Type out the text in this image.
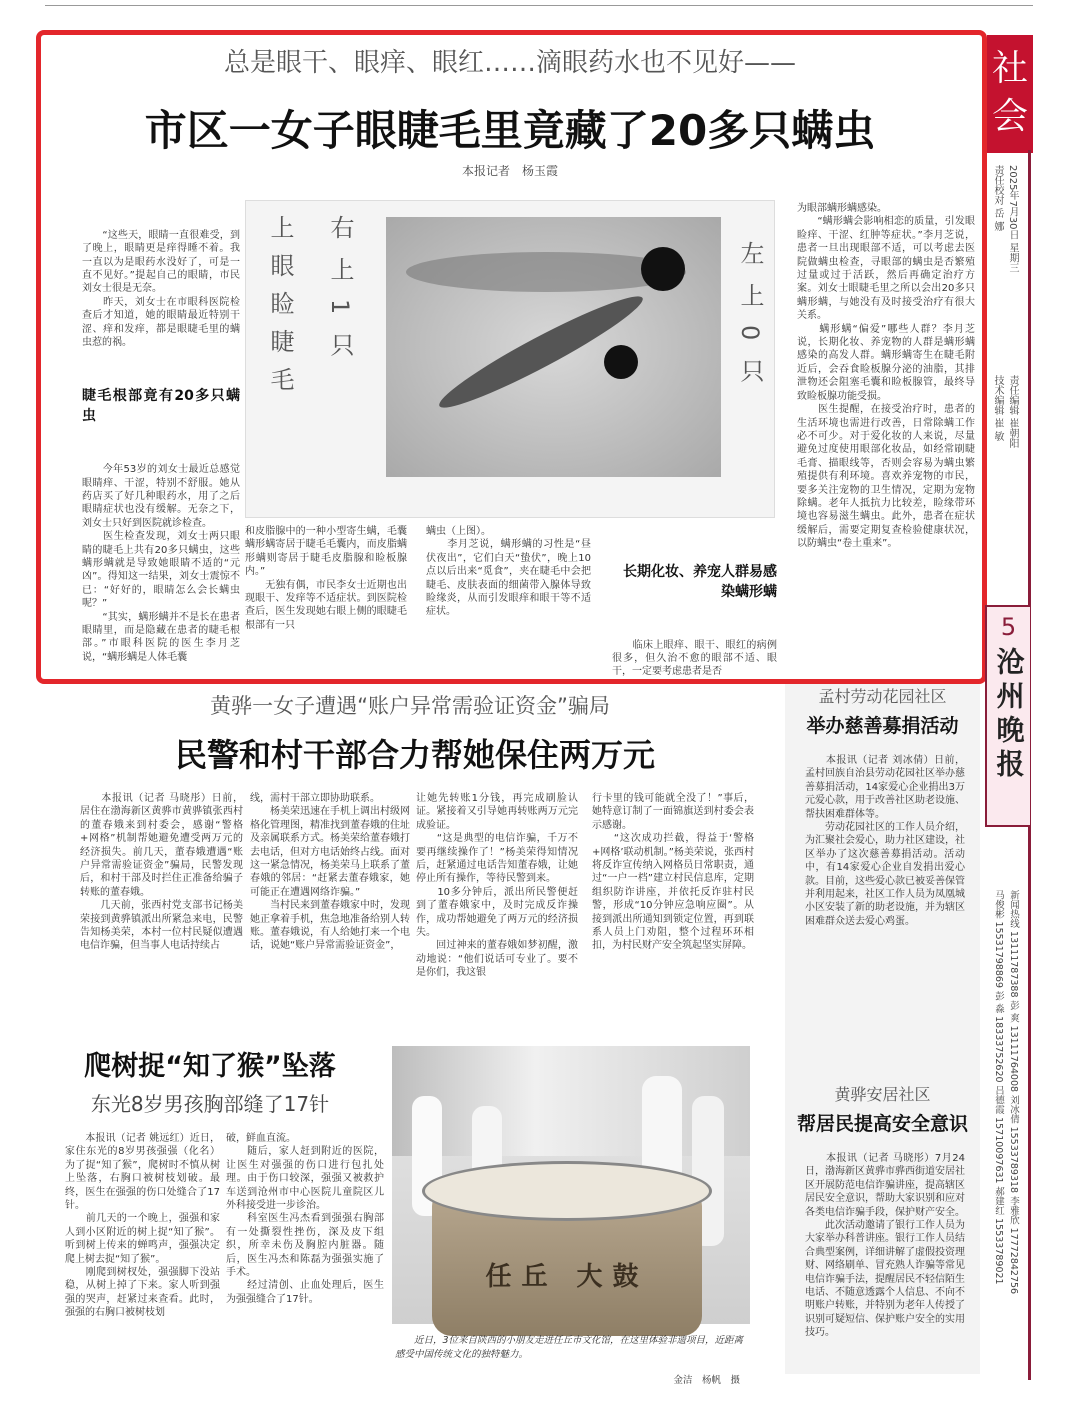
总是眼干、眼痒、眼红……滴眼药水也不见好——
市区一女子眼睫毛里竟藏了20多只螨虫
本报记者　杨玉霞

　　“这些天，眼睛一直很难受，到了晚上，眼睛更是痒得睡不着。我一直以为是眼药水没好了，可是一直不见好。”提起自己的眼睛，市民刘女士很是无奈。
　　昨天，刘女士在市眼科医院检查后才知道，她的眼睛最近特别干涩、痒和发痒，都是眼睫毛里的螨虫惹的祸。

睫毛根部竟有20多只螨虫

　　今年53岁的刘女士最近总感觉眼睛痒、干涩，特别不舒服。她从药店买了好几种眼药水，用了之后眼睛症状也没有缓解。无奈之下，刘女士只好到医院就诊检查。
　　医生检查发现，刘女士两只眼睛的睫毛上共有20多只螨虫，这些螨形螨就是导致她眼睛不适的“元凶”。得知这一结果，刘女士震惊不已：“好好的，眼睛怎么会长螨虫呢？”
　　“其实，螨形螨并不是长在患者眼睛里，而是隐藏在患者的睫毛根部。”市眼科医院的医生李月芝说，“螨形螨是人体毛囊

上眼睑睫毛 右上1只	左上0只
和皮脂腺中的一种小型寄生螨，毛囊螨形螨寄居于睫毛毛囊内，而皮脂螨形螨则寄居于睫毛皮脂腺和睑板腺内。”
　　无独有偶，市民李女士近期也出现眼干、发痒等不适症状。到医院检查后，医生发现她右眼上侧的眼睫毛根部有一只
螨虫（上图）。
　　李月芝说，螨形螨的习性是“昼伏夜出”，它们白天“蛰伏”，晚上10点以后出来“觅食”，夹在睫毛中会把睫毛、皮肤表面的细菌带入腺体导致睑缘炎，从而引发眼痒和眼干等不适症状。

长期化妆、养宠人群易感染螨形螨

　　临床上眼痒、眼干、眼红的病例很多，但久治不愈的眼部不适、眼干，一定要考虑患者是否

为眼部螨形螨感染。
　　“螨形螨会影响相恋的质量，引发眼睑痒、干涩、红肿等症状。”李月芝说，患者一旦出现眼部不适，可以考虑去医院做螨虫检查，寻眼部的螨虫是否繁殖过量或过于活跃，然后再确定治疗方案。刘女士眼睫毛里之所以会出20多只螨形螨，与她没有及时接受治疗有很大关系。
　　螨形螨“偏爱”哪些人群？李月芝说，长期化妆、养宠物的人群是螨形螨感染的高发人群。螨形螨寄生在睫毛附近后，会吞食睑板腺分泌的油脂，其排泄物还会阻塞毛囊和睑板腺管，最终导致睑板腺功能受损。
　　医生提醒，在接受治疗时，患者的生活环境也需进行改善，日常除螨工作必不可少。对于爱化妆的人来说，尽量避免过度使用眼部化妆品，如经常刷睫毛膏、描眼线等，否则会容易为螨虫繁殖提供有利环境。喜欢养宠物的市民，要多关注宠物的卫生情况，定期为宠物除螨。老年人抵抗力比较差，睑缘带环境也容易滋生螨虫。此外，患者在症状缓解后，需要定期复查检验健康状况，以防螨虫“卷土重来”。
社会
2025年7月30日 星期三
责任校对 岳 娜
责任编辑 崔朝阳
技术编辑 崔 敏
5
沧州晚报
新闻热线 13111787388 彭 爽 13111764008 刘冰倩 15533789318 李雅欣 17772842756
马俊彬 15531798869 彭 淼 18333752620 吕德霞 15710097631 郝建红 15533789021
黄骅一女子遭遇“账户异常需验证资金”骗局
民警和村干部合力帮她保住两万元
　　本报讯（记者 马晓彤）日前，居住在渤海新区黄骅市黄骅镇张西村的董春娥来到村委会，感谢“警格+网格”机制帮她避免遭受两万元的经济损失。前几天，董春娥遭遇“账户异常需验证资金”骗局，民警发现后，和村干部及时拦住正准备给骗子转账的董春娥。
　　几天前，张西村党支部书记杨美荣接到黄骅镇派出所紧急来电，民警告知杨美荣，本村一位村民疑似遭遇电信诈骗，但当事人电话持续占
线，需村干部立即协助联系。
　　杨美荣迅速在手机上调出村级网格化管理图，精准找到董春娥的住址及亲属联系方式。杨美荣给董春娥打去电话，但对方电话始终占线。面对这一紧急情况，杨美荣马上联系了董春娥的邻居：“赶紧去董春娥家，她可能正在遭遇网络诈骗。”
　　当村民来到董春娥家中时，发现她正拿着手机，焦急地准备给别人转账。董春娥说，有人给她打来一个电话，说她“账户异常需验证资金”，
让她先转账1分钱，再完成刷脸认证。紧接着又引导她再转账两万元完成验证。
　　“这是典型的电信诈骗，千万不要再继续操作了！”杨美荣得知情况后，赶紧通过电话告知董春娥，让她停止所有操作，等待民警到来。
　　10多分钟后，派出所民警便赶到了董春娥家中，及时完成反诈操作，成功帮她避免了两万元的经济损失。
　　回过神来的董春娥如梦初醒，激动地说：“他们说话可专业了。要不是你们，我这银
行卡里的钱可能就全没了！”事后，她特意订制了一面锦旗送到村委会表示感谢。
　　“这次成功拦截，得益于‘警格+网格’联动机制。”杨美荣说，张西村将反诈宣传纳入网格员日常职责，通过“一户一档”建立村民信息库，定期组织防诈讲座，并依托反诈驻村民警，形成“10分钟应急响应圈”。从接到派出所通知到锁定位置，再到联系人员上门劝阻，整个过程环环相扣，为村民财产安全筑起坚实屏障。
孟村劳动花园社区
举办慈善募捐活动
　　本报讯（记者 刘冰倩）日前，孟村回族自治县劳动花园社区举办慈善募捐活动，14家爱心企业捐出3万元爱心款，用于改善社区助老设施、帮扶困难群体等。
　　劳动花园社区的工作人员介绍，为汇聚社会爱心，助力社区建设，社区举办了这次慈善募捐活动。活动中，有14家爱心企业自发捐出爱心款。目前，这些爱心款已被妥善保管并利用起来，社区工作人员为凤凰城小区安装了新的助老设施，并为辖区困难群众送去爱心鸡蛋。
黄骅安居社区
帮居民提高安全意识
　　本报讯（记者 马晓彤）7月24日，渤海新区黄骅市骅西街道安居社区开展防范电信诈骗讲座，提高辖区居民安全意识，帮助大家识别和应对各类电信诈骗手段，保护财产安全。
　　此次活动邀请了银行工作人员为大家举办科普讲座。银行工作人员结合典型案例，详细讲解了虚假投资理财、网络刷单、冒充熟人诈骗等常见电信诈骗手法，提醒居民不轻信陌生电话、不随意透露个人信息、不向不明账户转账，并特别为老年人传授了识别可疑短信、保护账户安全的实用技巧。
爬树捉“知了猴”坠落
东光8岁男孩胸部缝了17针
　　本报讯（记者 姚远红）近日，家住东光的8岁男孩强强（化名）为了捉“知了猴”，爬树时不慎从树上坠落，右胸口被树枝划破。最终，医生在强强的伤口处缝合了17针。
　　前几天的一个晚上，强强和家人到小区附近的树上捉“知了猴”。听到树上传来的蝉鸣声，强强决定爬上树去捉“知了猴”。
　　刚爬到树杈处，强强脚下没站稳，从树上掉了下来。家人听到强强的哭声，赶紧过来查看。此时，强强的右胸口被树枝划
破，鲜血直流。
　　随后，家人赶到附近的医院，让医生对强强的伤口进行包扎处理。由于伤口较深，强强又被救护车送到沧州市中心医院儿童院区儿外科接受进一步诊治。
　　科室医生冯杰看到强强右胸部有一处撕裂性挫伤，深及皮下组织，所幸未伤及胸腔内脏器。随后，医生冯杰和陈磊为强强实施了手术。
　　经过清创、止血处理后，医生为强强缝合了17针。
任丘 大鼓
　　近日，3位来自陕西的小朋友走进任丘市文化馆，在这里体验非遗项目，近距离感受中国传统文化的独特魅力。
金洁　杨帆　摄
